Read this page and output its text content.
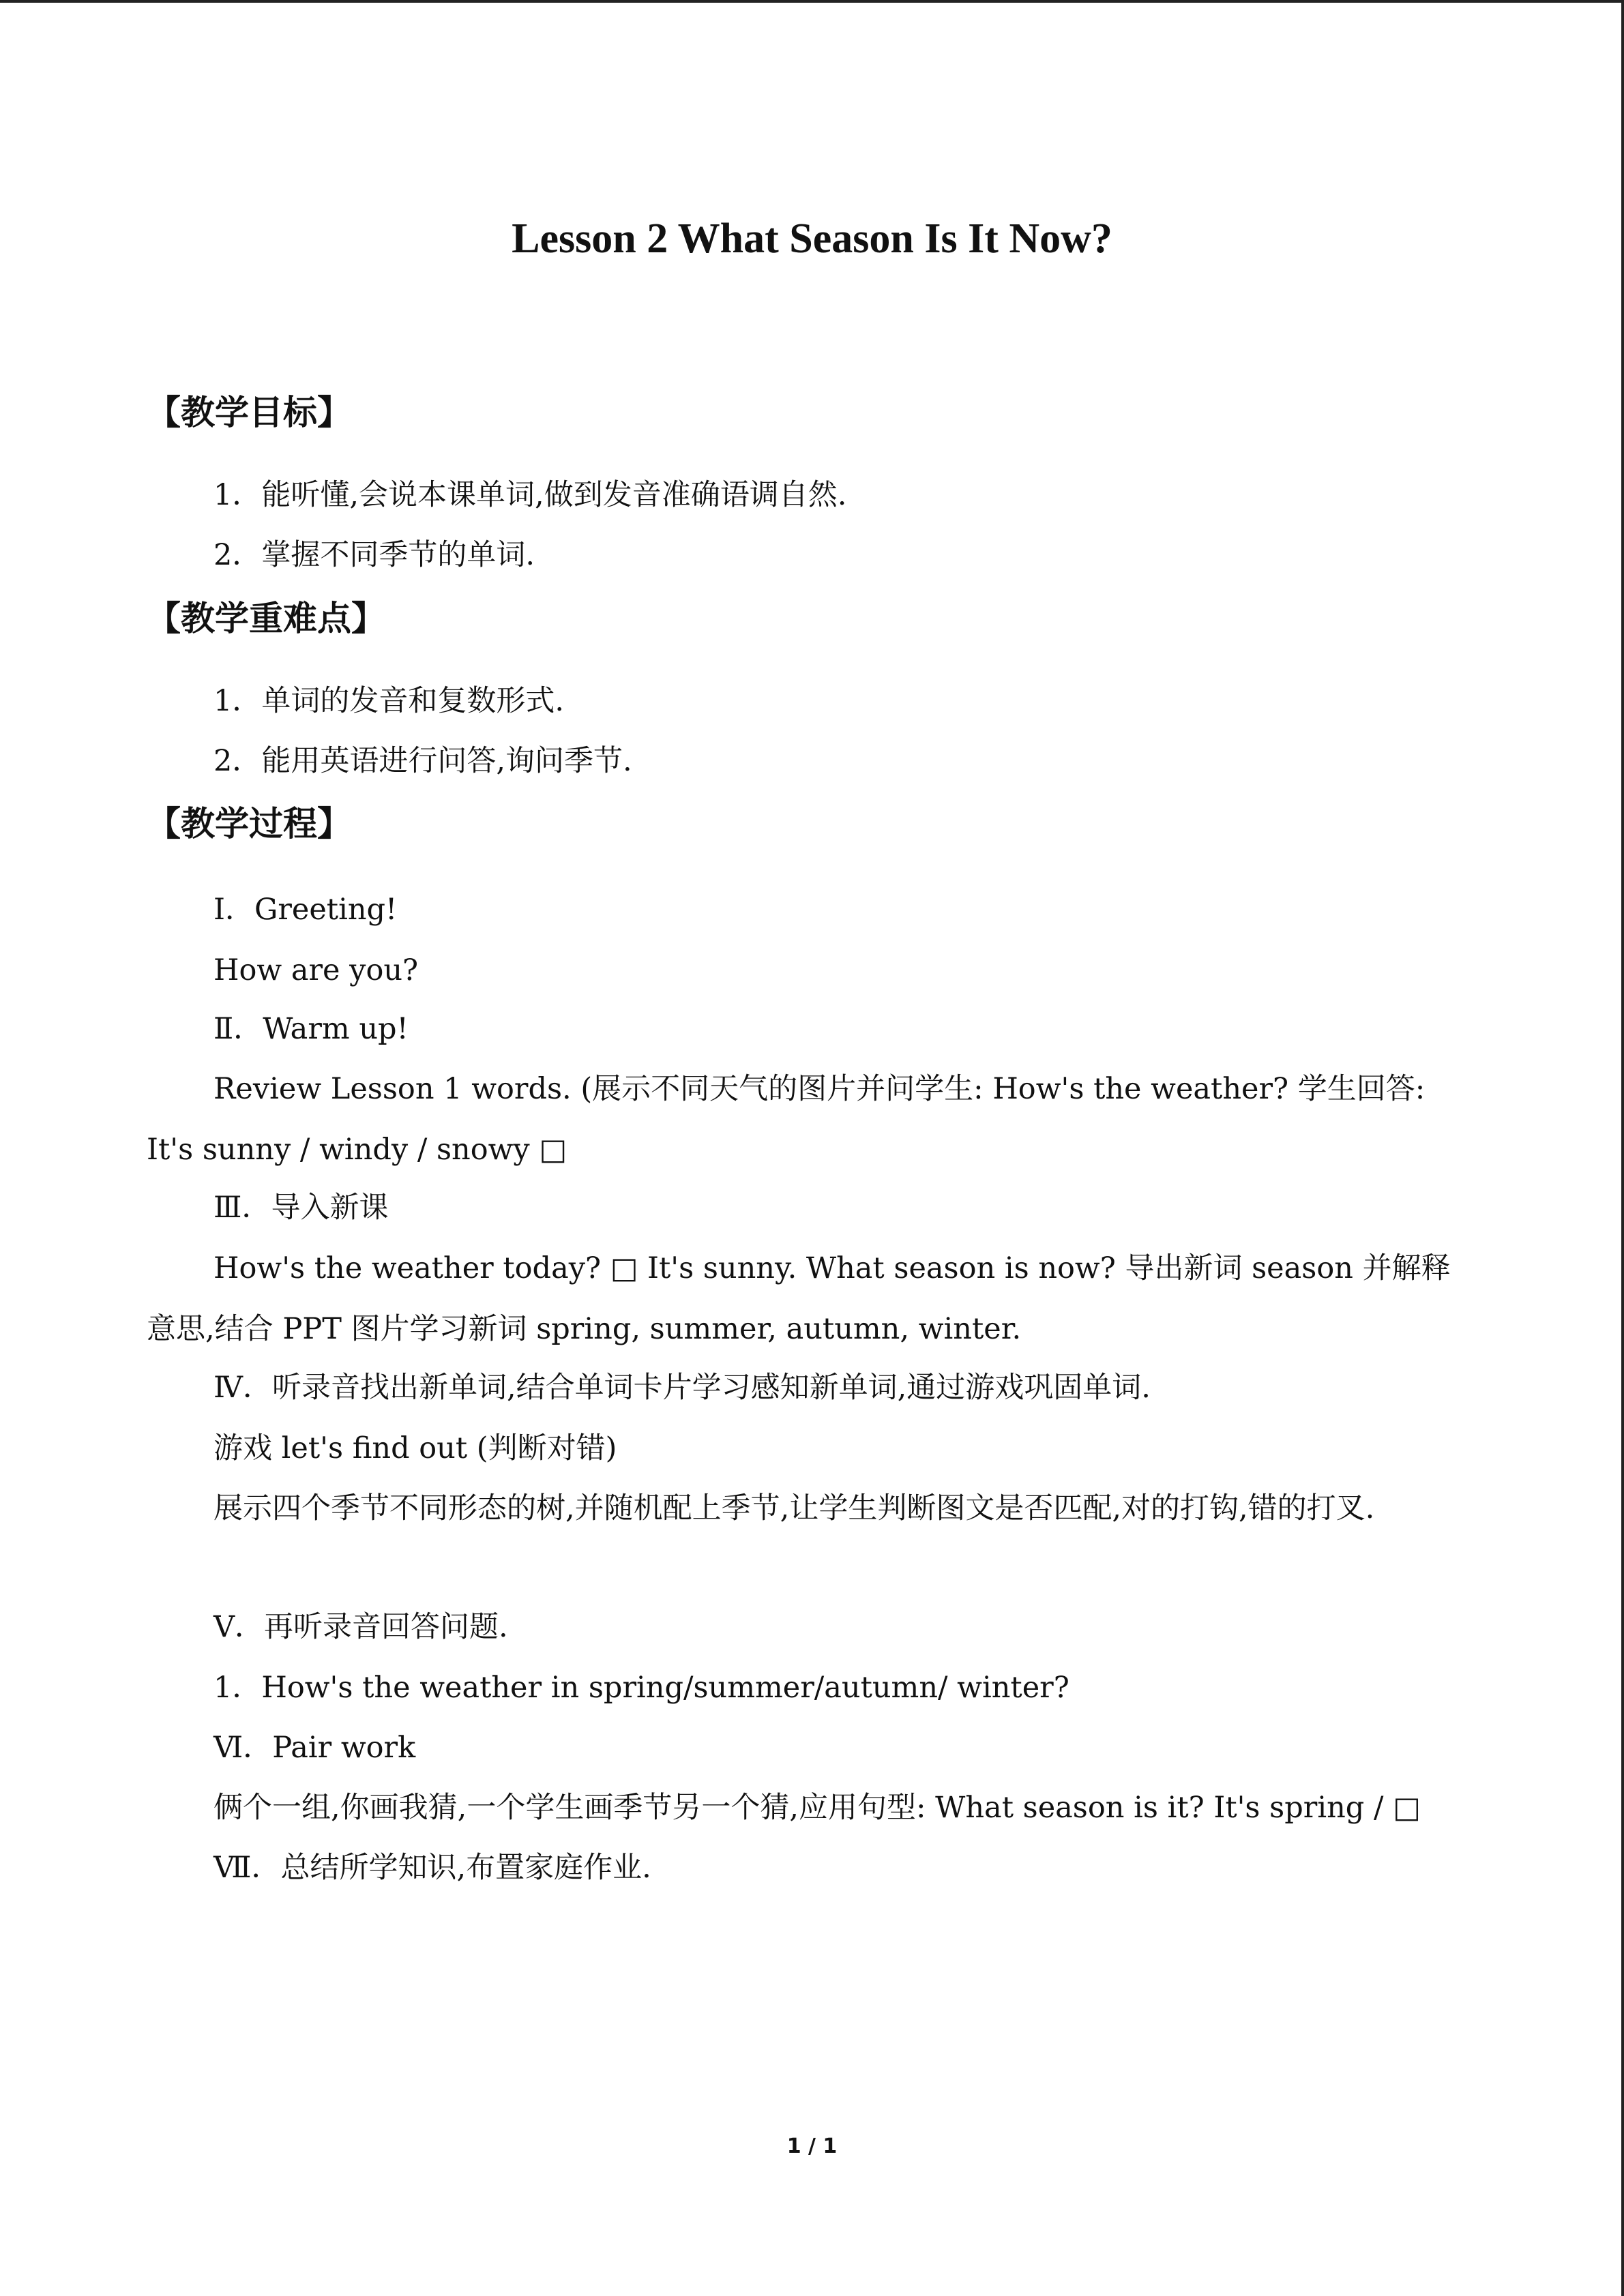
Lesson 2 What Season Is It Now?
【教学目标】
1．能听懂,会说本课单词,做到发音准确语调自然.
2．掌握不同季节的单词.
【教学重难点】
1．单词的发音和复数形式.
2．能用英语进行问答,询问季节.
【教学过程】
Ⅰ．Greeting!
How are you?
Ⅱ．Warm up!
Review Lesson 1 words. (展示不同天气的图片并问学生: How's the weather? 学生回答: It's sunny / windy / snowy □
Ⅲ．导入新课
How's the weather today? □ It's sunny. What season is now? 导出新词 season 并解释意思,结合 PPT 图片学习新词 spring, summer, autumn, winter.
Ⅳ．听录音找出新单词,结合单词卡片学习感知新单词,通过游戏巩固单词.
游戏 let's find out (判断对错)
展示四个季节不同形态的树,并随机配上季节,让学生判断图文是否匹配,对的打钩,错的打叉.
Ⅴ．再听录音回答问题.
1．How's the weather in spring/summer/autumn/ winter?
Ⅵ．Pair work
俩个一组,你画我猜,一个学生画季节另一个猜,应用句型: What season is it? It's spring / □
Ⅶ．总结所学知识,布置家庭作业.
1 / 1
